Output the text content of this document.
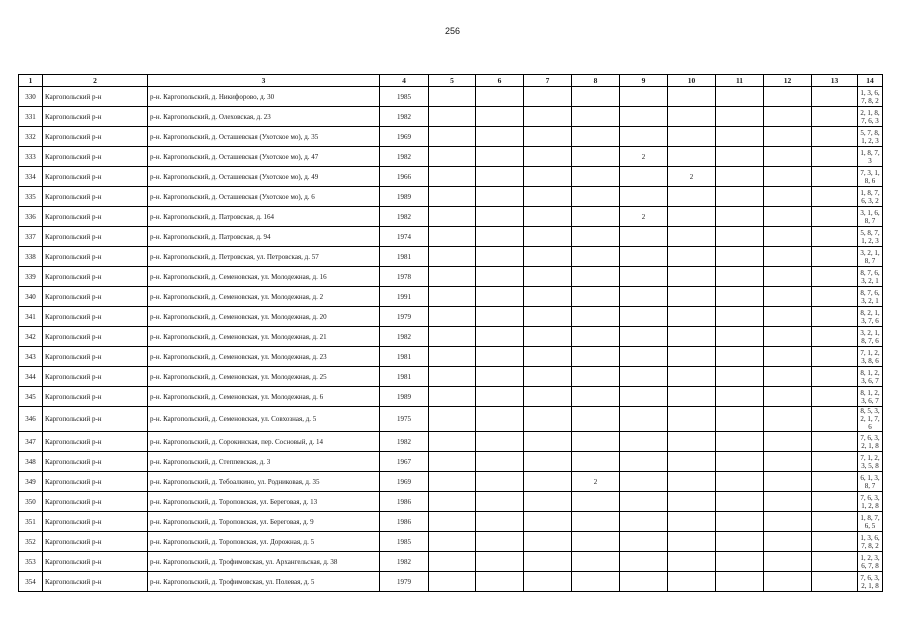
256
1	2	3	4	5	6	7	8	9	10	11	12	13	14
330	Каргопольский р-н	р-н. Каргопольский, д. Никифорово, д. 30	1985										1, 3, 6, 7, 8, 2
331	Каргопольский р-н	р-н. Каргопольский, д. Олеховская, д. 23	1982										2, 1, 8, 7, 6, 3
332	Каргопольский р-н	р-н. Каргопольский, д. Осташевская (Ухотское мо), д. 35	1969										5, 7, 8, 1, 2, 3
333	Каргопольский р-н	р-н. Каргопольский, д. Осташевская (Ухотское мо), д. 47	1982					2					1, 8, 7, 3
334	Каргопольский р-н	р-н. Каргопольский, д. Осташевская (Ухотское мо), д. 49	1966						2				7, 3, 1, 8, 6
335	Каргопольский р-н	р-н. Каргопольский, д. Осташевская (Ухотское мо), д. 6	1989										1, 8, 7, 6, 3, 2
336	Каргопольский р-н	р-н. Каргопольский, д. Патровская, д. 164	1982					2					3, 1, 6, 8, 7
337	Каргопольский р-н	р-н. Каргопольский, д. Патровская, д. 94	1974										5, 8, 7, 1, 2, 3
338	Каргопольский р-н	р-н. Каргопольский, д. Петровская, ул. Петровская, д. 57	1981										3, 2, 1, 8, 7
339	Каргопольский р-н	р-н. Каргопольский, д. Семеновская, ул. Молодежная, д. 16	1978										8, 7, 6, 3, 2, 1
340	Каргопольский р-н	р-н. Каргопольский, д. Семеновская, ул. Молодежная, д. 2	1991										8, 7, 6, 3, 2, 1
341	Каргопольский р-н	р-н. Каргопольский, д. Семеновская, ул. Молодежная, д. 20	1979										8, 2, 1, 3, 7, 6
342	Каргопольский р-н	р-н. Каргопольский, д. Семеновская, ул. Молодежная, д. 21	1982										3, 2, 1, 8, 7, 6
343	Каргопольский р-н	р-н. Каргопольский, д. Семеновская, ул. Молодежная, д. 23	1981										7, 1, 2, 3, 8, 6
344	Каргопольский р-н	р-н. Каргопольский, д. Семеновская, ул. Молодежная, д. 25	1981										8, 1, 2, 3, 6, 7
345	Каргопольский р-н	р-н. Каргопольский, д. Семеновская, ул. Молодежная, д. 6	1989										8, 1, 2, 3, 6, 7
346	Каргопольский р-н	р-н. Каргопольский, д. Семеновская, ул. Совхозная, д. 5	1975										8, 5, 3, 2, 1, 7, 6
347	Каргопольский р-н	р-н. Каргопольский, д. Сорокинская, пер. Сосновый, д. 14	1982										7, 6, 3, 2, 1, 8
348	Каргопольский р-н	р-н. Каргопольский, д. Степпевская, д. 3	1967										7, 1, 2, 3, 5, 8
349	Каргопольский р-н	р-н. Каргопольский, д. Тебоалкино, ул. Родниковая, д. 35	1969				2						6, 1, 3, 8, 7
350	Каргопольский р-н	р-н. Каргопольский, д. Тороповская, ул. Береговая, д. 13	1986										7, 6, 3, 1, 2, 8
351	Каргопольский р-н	р-н. Каргопольский, д. Тороповская, ул. Береговая, д. 9	1986										1, 8, 7, 6, 5
352	Каргопольский р-н	р-н. Каргопольский, д. Тороповская, ул. Дорожная, д. 5	1985										1, 3, 6, 7, 8, 2
353	Каргопольский р-н	р-н. Каргопольский, д. Трофимовская, ул. Архангельская, д. 38	1982										1, 2, 3, 6, 7, 8
354	Каргопольский р-н	р-н. Каргопольский, д. Трофимовская, ул. Полевая, д. 5	1979										7, 6, 3, 2, 1, 8
